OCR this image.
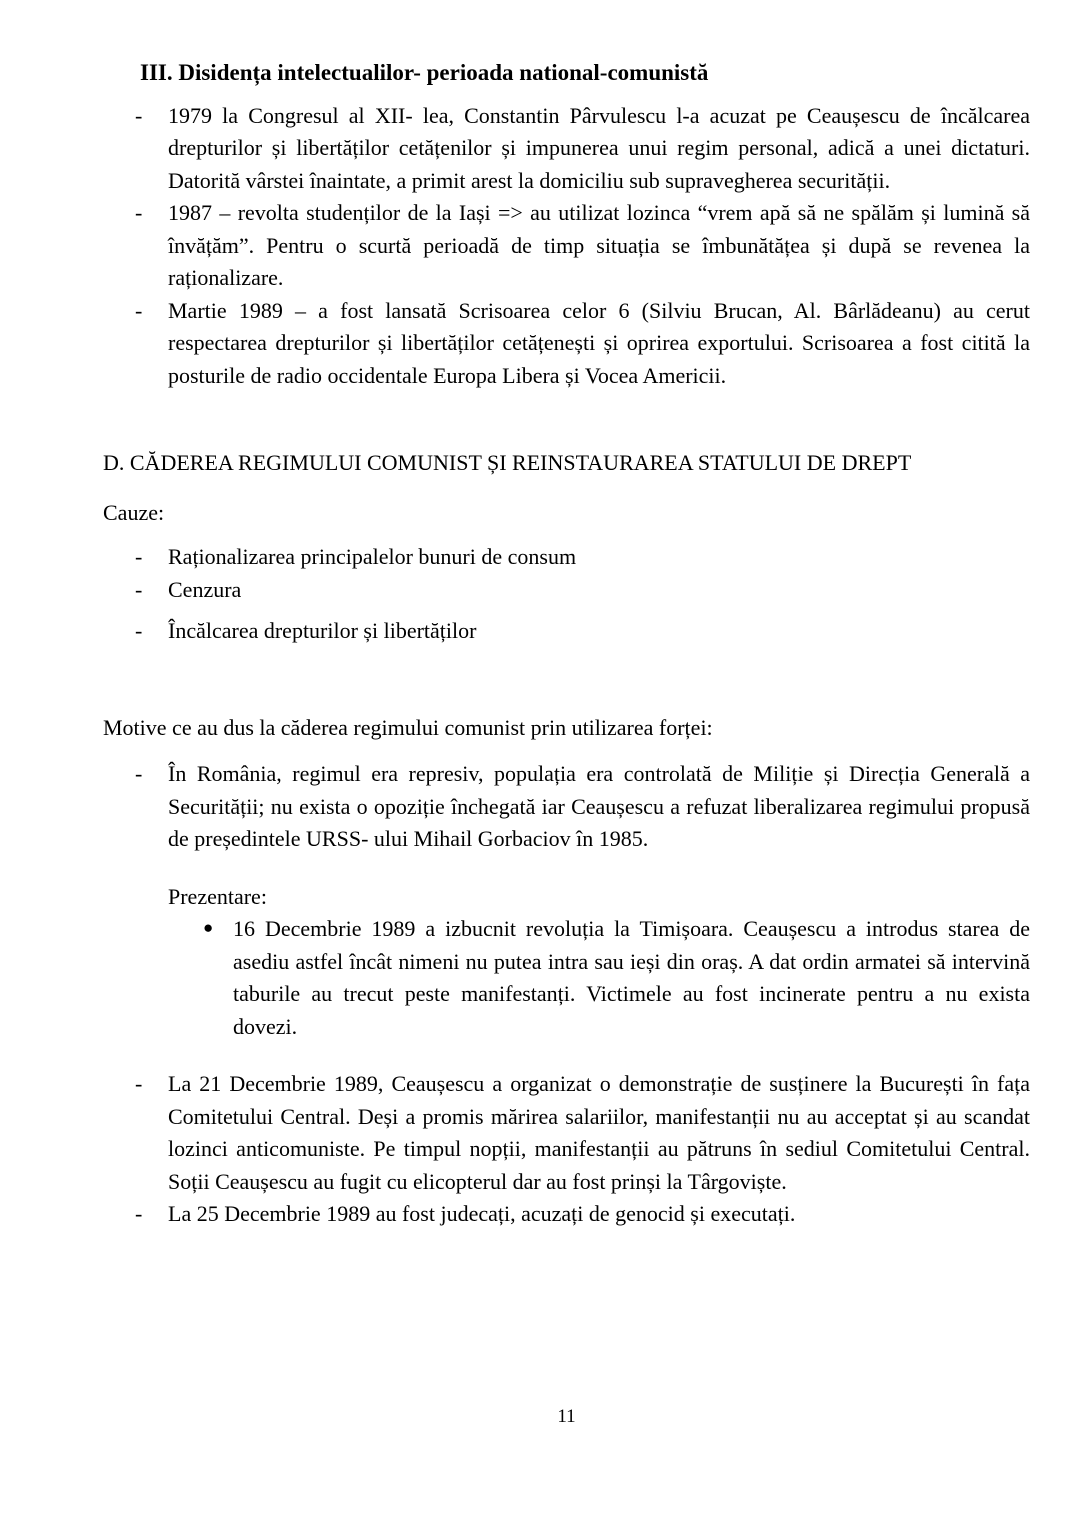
III. Disidența intelectualilor- perioada national-comunistă
- 1979 la Congresul al XII- lea, Constantin Pârvulescu l-a acuzat pe Ceaușescu de încălcarea drepturilor și libertăților cetățenilor și impunerea unui regim personal, adică a unei dictaturi. Datorită vârstei înaintate, a primit arest la domiciliu sub supravegherea securității.
- 1987 – revolta studenților de la Iași => au utilizat lozinca “vrem apă să ne spălăm și lumină să învățăm”. Pentru o scurtă perioadă de timp situația se îmbunătățea și după se revenea la raționalizare.
- Martie 1989 – a fost lansată Scrisoarea celor 6 (Silviu Brucan, Al. Bârlădeanu) au cerut respectarea drepturilor și libertăților cetățenești și oprirea exportului. Scrisoarea a fost citită la posturile de radio occidentale Europa Libera și Vocea Americii.
D. CĂDEREA REGIMULUI COMUNIST ȘI REINSTAURAREA STATULUI DE DREPT
Cauze:
- Raționalizarea principalelor bunuri de consum
- Cenzura
- Încălcarea drepturilor și libertăților
Motive ce au dus la căderea regimului comunist prin utilizarea forței:
- În România, regimul era represiv, populația era controlată de Miliție și Direcția Generală a Securității; nu exista o opoziție închegată iar Ceaușescu a refuzat liberalizarea regimului propusă de președintele URSS- ului Mihail Gorbaciov în 1985.
Prezentare:
● 16 Decembrie 1989 a izbucnit revoluția la Timișoara. Ceaușescu a introdus starea de asediu astfel încât nimeni nu putea intra sau ieși din oraș. A dat ordin armatei să intervină taburile au trecut peste manifestanți. Victimele au fost incinerate pentru a nu exista dovezi.
- La 21 Decembrie 1989, Ceaușescu a organizat o demonstrație de susținere la București în fața Comitetului Central. Deși a promis mărirea salariilor, manifestanții nu au acceptat și au scandat lozinci anticomuniste. Pe timpul nopții, manifestanții au pătruns în sediul Comitetului Central. Soții Ceaușescu au fugit cu elicopterul dar au fost prinși la Târgoviște.
- La 25 Decembrie 1989 au fost judecați, acuzați de genocid și executați.
11
